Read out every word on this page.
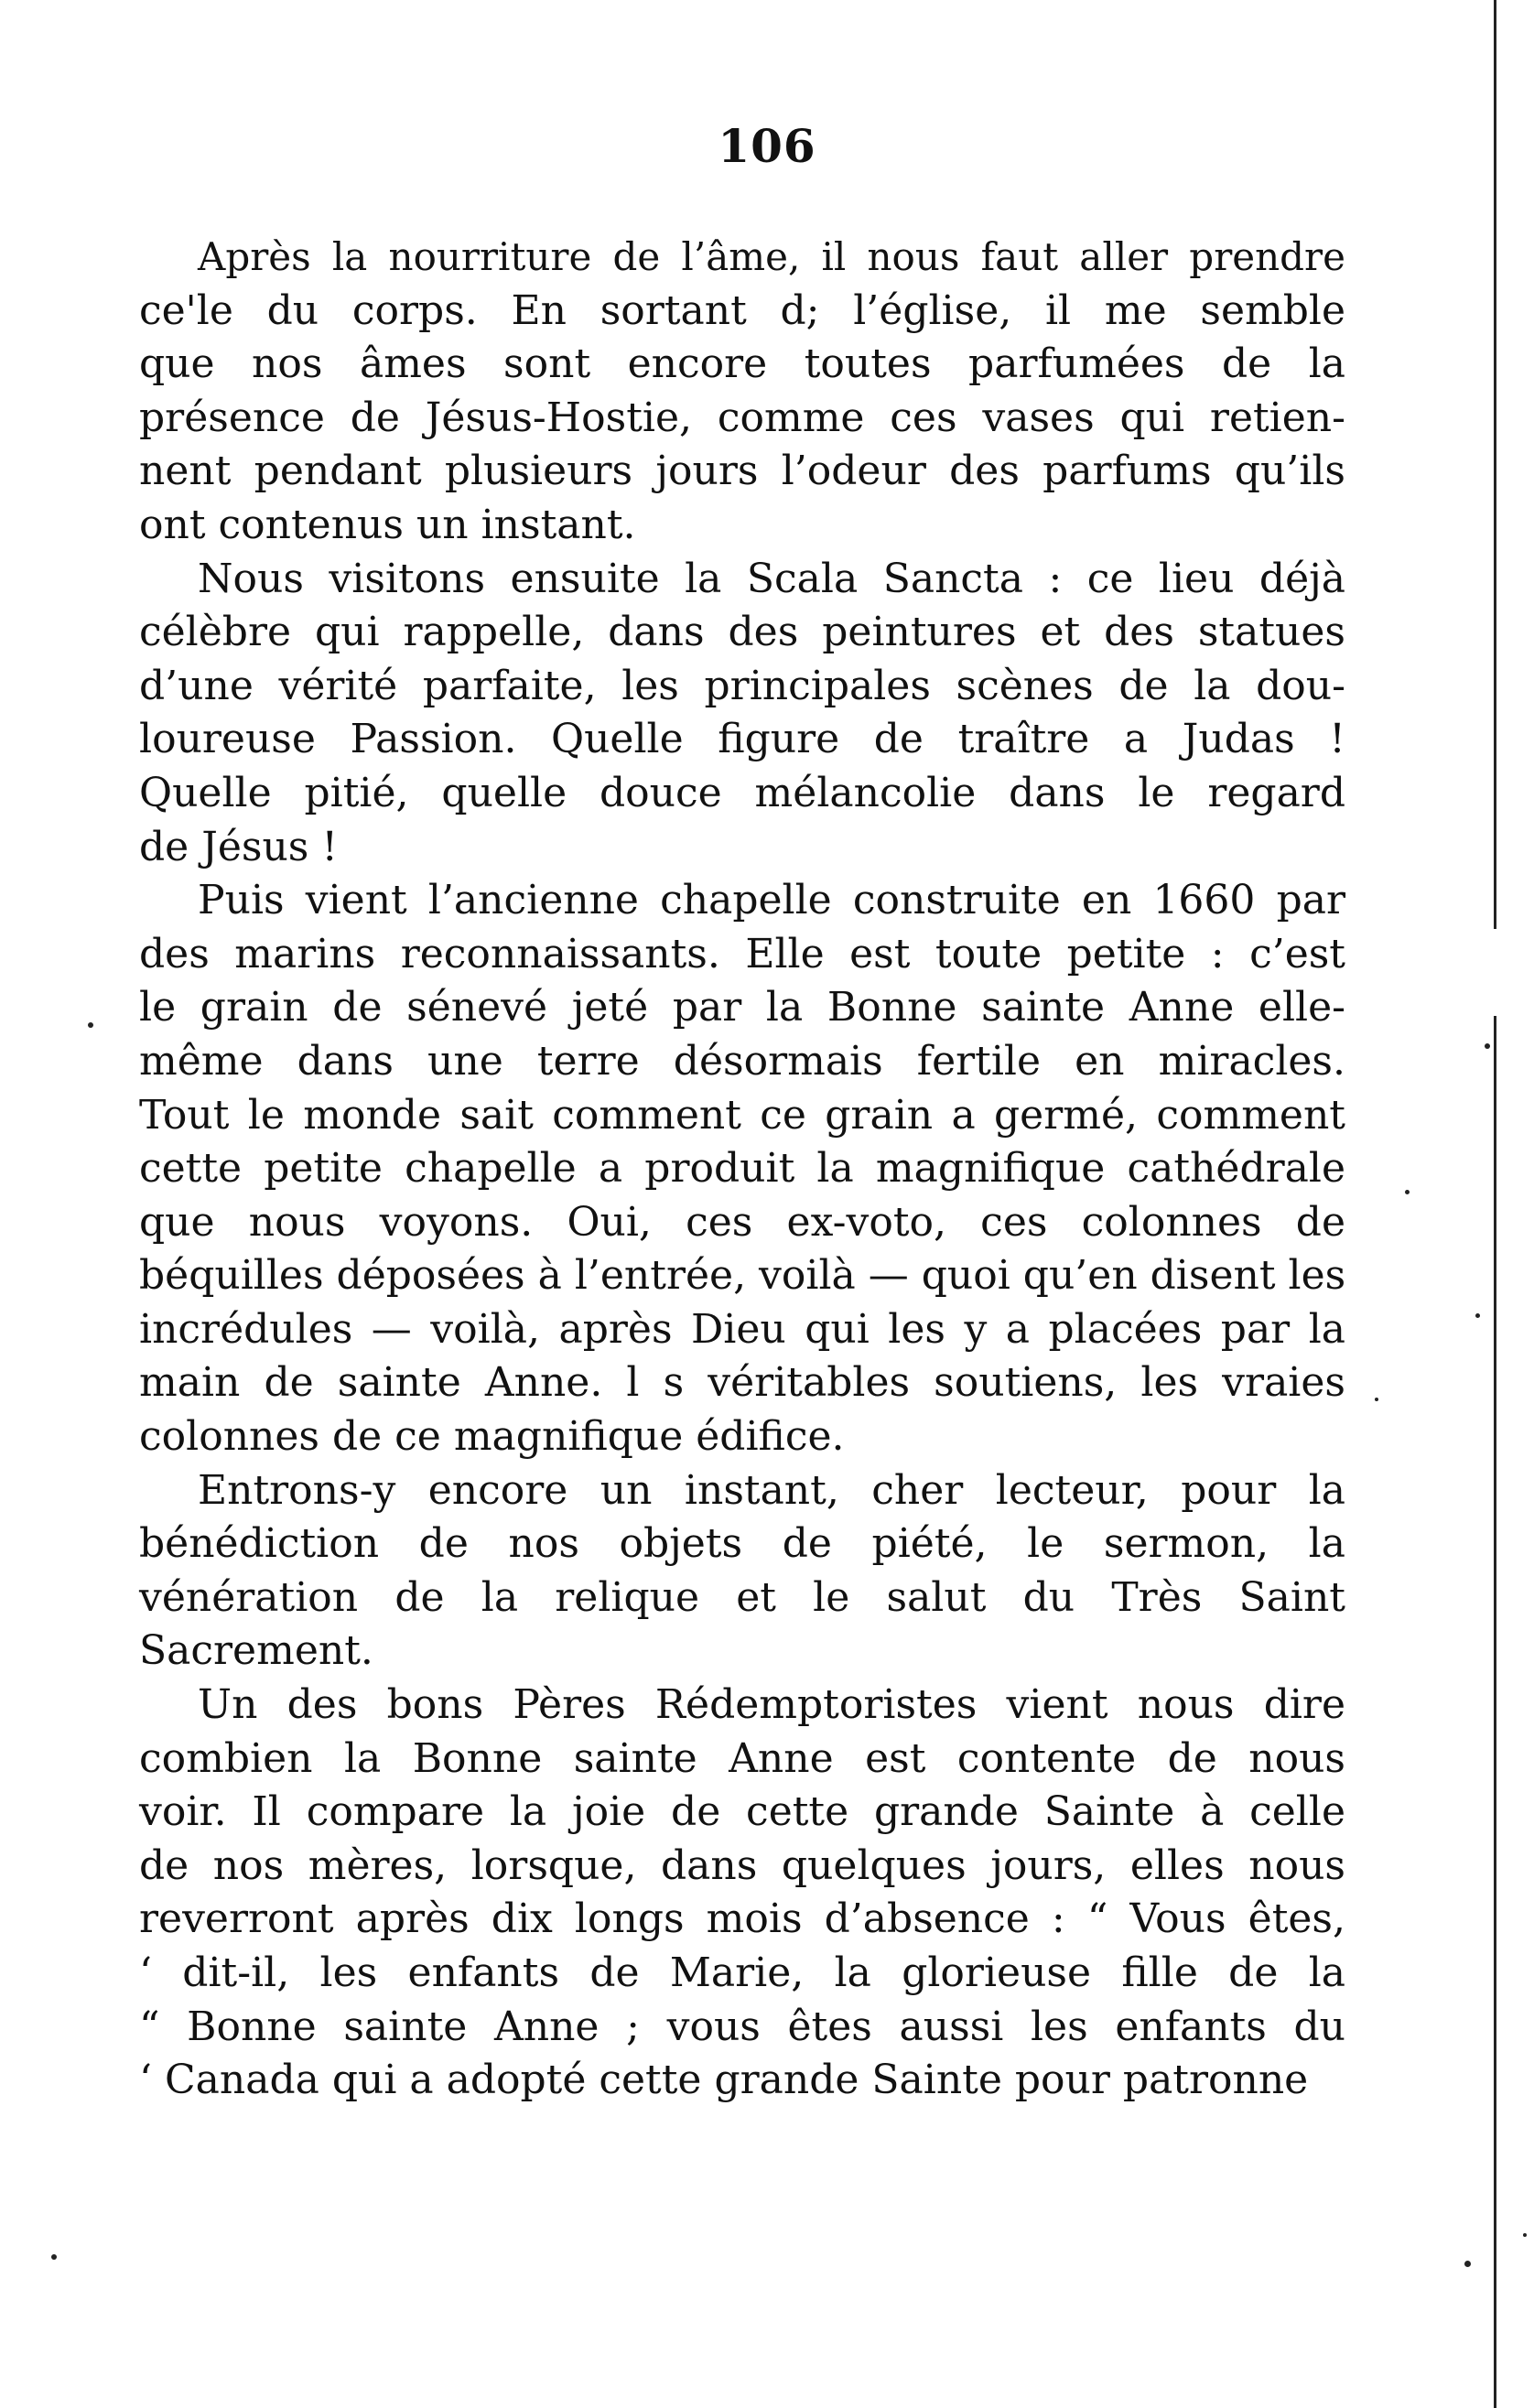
106
Après la nourriture de l’âme, il nous faut aller prendre
ce'le du corps. En sortant d; l’église, il me semble
que nos âmes sont encore toutes parfumées de la
présence de Jésus-Hostie, comme ces vases qui retien-
nent pendant plusieurs jours l’odeur des parfums qu’ils
ont contenus un instant.
Nous visitons ensuite la Scala Sancta : ce lieu déjà
célèbre qui rappelle, dans des peintures et des statues
d’une vérité parfaite, les principales scènes de la dou-
loureuse Passion. Quelle figure de traître a Judas !
Quelle pitié, quelle douce mélancolie dans le regard
de Jésus !
Puis vient l’ancienne chapelle construite en 1660 par
des marins reconnaissants. Elle est toute petite : c’est
le grain de sénevé jeté par la Bonne sainte Anne elle-
même dans une terre désormais fertile en miracles.
Tout le monde sait comment ce grain a germé, comment
cette petite chapelle a produit la magnifique cathédrale
que nous voyons. Oui, ces ex-voto, ces colonnes de
béquilles déposées à l’entrée, voilà — quoi qu’en disent les
incrédules — voilà, après Dieu qui les y a placées par la
main de sainte Anne. l s véritables soutiens, les vraies
colonnes de ce magnifique édifice.
Entrons-y encore un instant, cher lecteur, pour la
bénédiction de nos objets de piété, le sermon, la
vénération de la relique et le salut du Très Saint
Sacrement.
Un des bons Pères Rédemptoristes vient nous dire
combien la Bonne sainte Anne est contente de nous
voir. Il compare la joie de cette grande Sainte à celle
de nos mères, lorsque, dans quelques jours, elles nous
reverront après dix longs mois d’absence : “ Vous êtes,
‘ dit-il, les enfants de Marie, la glorieuse fille de la
“ Bonne sainte Anne ; vous êtes aussi les enfants du
‘ Canada qui a adopté cette grande Sainte pour patronne
